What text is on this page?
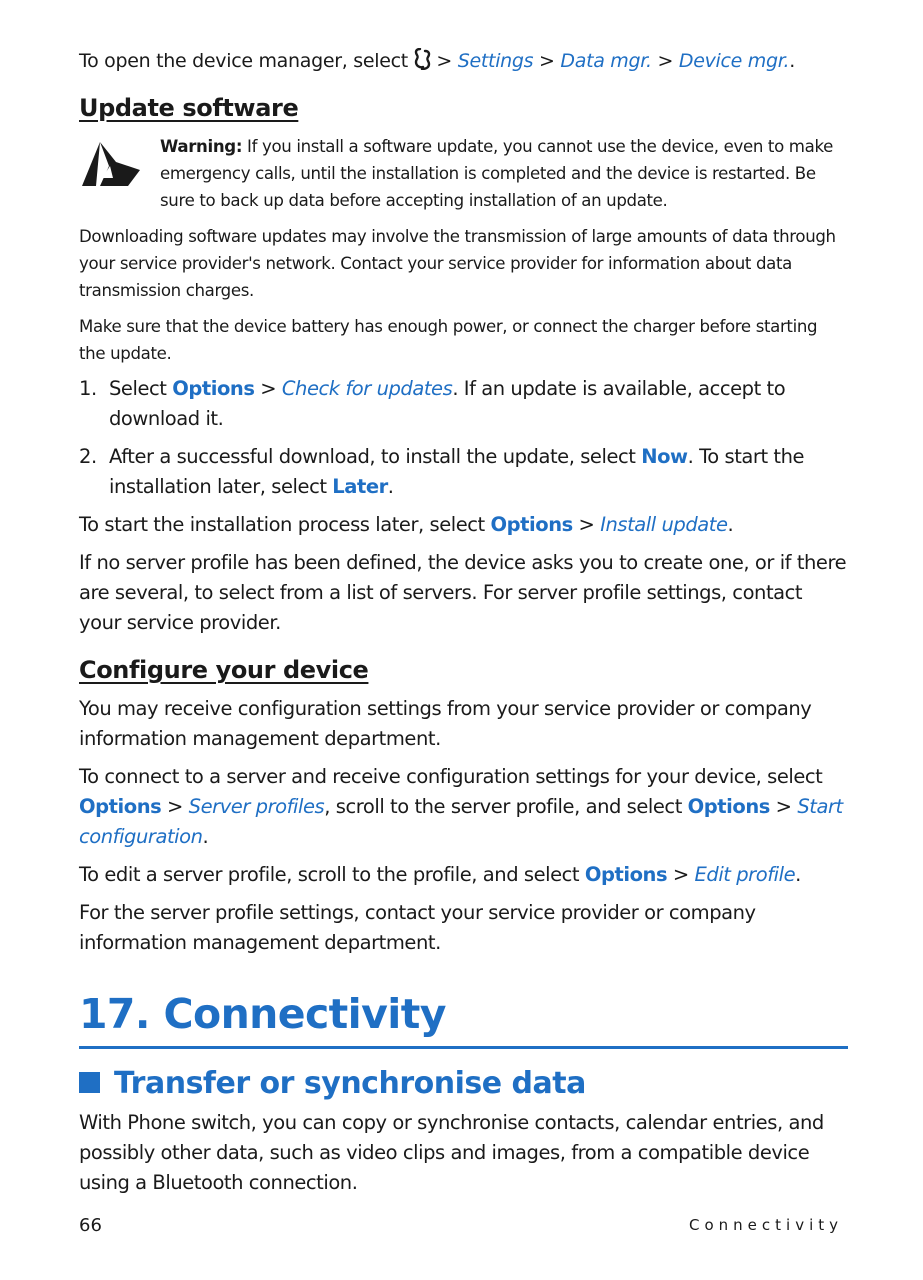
To open the device manager, select  > Settings > Data mgr. > Device mgr..
Update software
Warning: If you install a software update, you cannot use the device, even to make emergency calls, until the installation is completed and the device is restarted. Be sure to back up data before accepting installation of an update.
Downloading software updates may involve the transmission of large amounts of data through your service provider's network. Contact your service provider for information about data transmission charges.
Make sure that the device battery has enough power, or connect the charger before starting the update.
1. Select Options > Check for updates. If an update is available, accept to download it.
2. After a successful download, to install the update, select Now. To start the installation later, select Later.
To start the installation process later, select Options > Install update.
If no server profile has been defined, the device asks you to create one, or if there are several, to select from a list of servers. For server profile settings, contact your service provider.
Configure your device
You may receive configuration settings from your service provider or company information management department.
To connect to a server and receive configuration settings for your device, select Options > Server profiles, scroll to the server profile, and select Options > Start configuration.
To edit a server profile, scroll to the profile, and select Options > Edit profile.
For the server profile settings, contact your service provider or company information management department.
17. Connectivity
Transfer or synchronise data
With Phone switch, you can copy or synchronise contacts, calendar entries, and possibly other data, such as video clips and images, from a compatible device using a Bluetooth connection.
66	Connectivity
